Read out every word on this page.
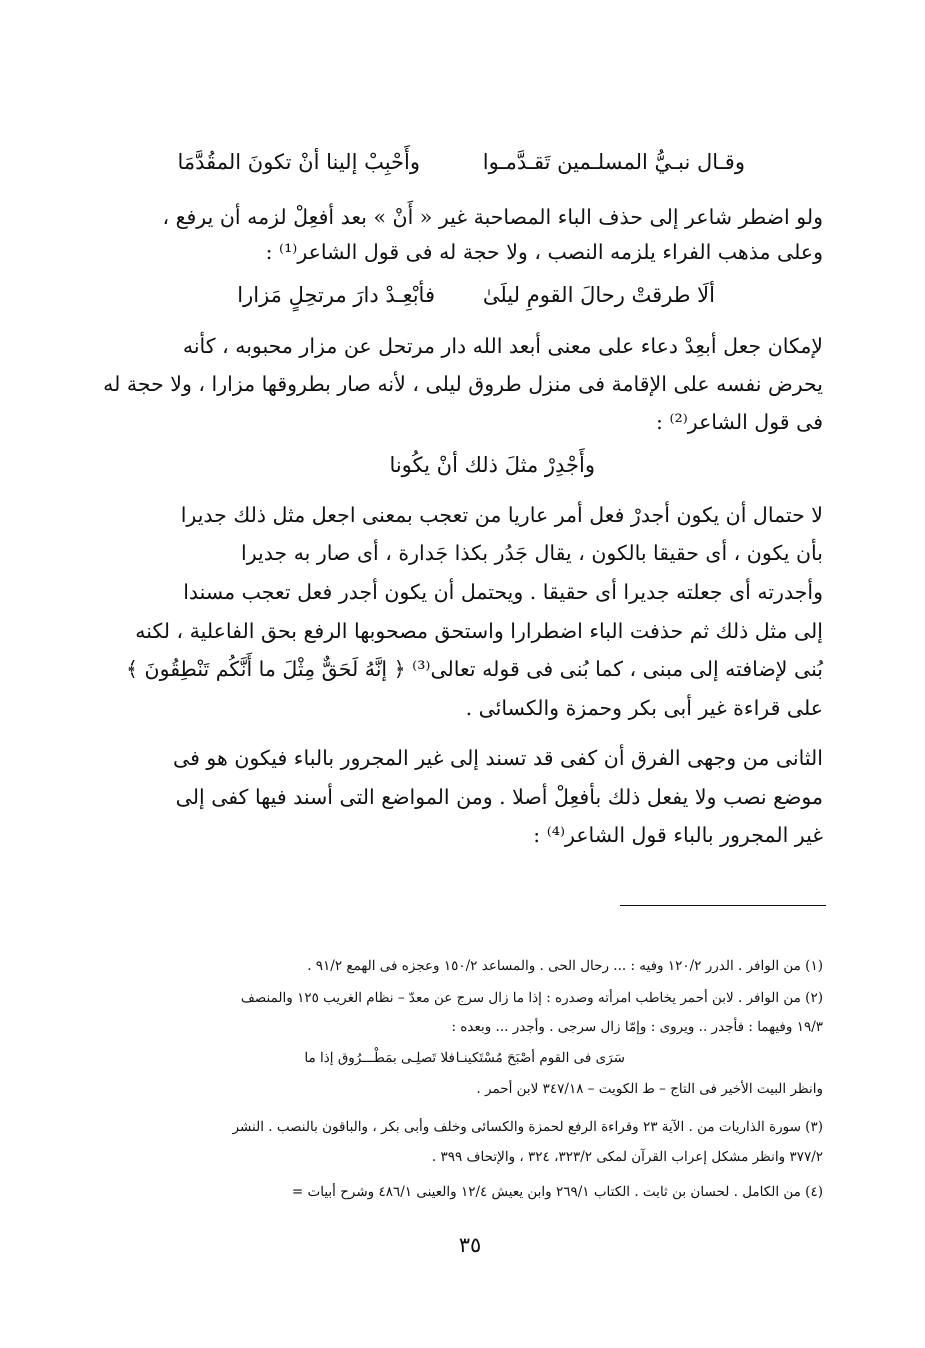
وقـال نبـيُّ المسلـمين تَقـدَّمـوا
وأَحْبِبْ إلينا أنْ تكونَ المقُدَّمَا
ولو اضطر شاعر إلى حذف الباء المصاحبة غير « أَنْ » بعد أفعِلْ لزمه أن يرفع ،
وعلى مذهب الفراء يلزمه النصب ، ولا حجة له فى قول الشاعر⁽¹⁾ :
ألَا طرقتْ رحالَ القومِ ليلَىٰ
فأبْعِـدْ دارَ مرتحِلٍ مَزارا
لإمكان جعل أبعِدْ دعاء على معنى أبعد الله دار مرتحل عن مزار محبوبه ، كأنه
يحرض نفسه على الإقامة فى منزل طروق ليلى ، لأنه صار بطروقها مزارا ، ولا حجة له
فى قول الشاعر⁽²⁾ :
وأَجْدِرْ مثلَ ذلك أنْ يكُونا
لا حتمال أن يكون أجدرْ فعل أمر عاريا من تعجب بمعنى اجعل مثل ذلك جديرا
بأن يكون ، أى حقيقا بالكون ، يقال جَدُر بكذا جَدارة ، أى صار به جديرا
وأجدرته أى جعلته جديرا أى حقيقا . ويحتمل أن يكون أجدر فعل تعجب مسندا
إلى مثل ذلك ثم حذفت الباء اضطرارا واستحق مصحوبها الرفع بحق الفاعلية ، لكنه
بُنى لإضافته إلى مبنى ، كما بُنى فى قوله تعالى⁽³⁾ ﴿ إنَّهُ لَحَقٌّ مِثْلَ ما أَنَّكُم تَنْطِقُونَ ﴾
على قراءة غير أبى بكر وحمزة والكسائى .
الثانى من وجهى الفرق أن كفى قد تسند إلى غير المجرور بالباء فيكون هو فى
موضع نصب ولا يفعل ذلك بأفعِلْ أصلا . ومن المواضع التى أسند فيها كفى إلى
غير المجرور بالباء قول الشاعر⁽⁴⁾ :
(١) من الوافر . الدرر ١٢٠/٢ وفيه : ... رحال الحى . والمساعد ١٥٠/٢ وعجزه فى الهمع ٩١/٢ .
(٢) من الوافر . لابن أحمر يخاطب امرأته وصدره : إذا ما زال سرج عن معدّ – نظام الغريب ١٢٥ والمنصف
١٩/٣ وفيهما : فأجدر .. ويروى : وإمّا زال سرجى . وأجدر ... وبعده :
فلا تَصلِـى بمَطْـــرُوق إذا ما سَرَى فى القوم أصْبَحَ مُسْتَكينـا
وانظر البيت الأخير فى التاج – ط الكويت – ٣٤٧/١٨ لابن أحمر .
(٣) سورة الذاريات من . الآية ٢٣ وقراءة الرفع لحمزة والكسائى وخلف وأبى بكر ، والباقون بالنصب . النشر
٣٧٧/٢ وانظر مشكل إعراب القرآن لمكى ٣٢٣/٢، ٣٢٤ ، والإتحاف ٣٩٩ .
(٤) من الكامل . لحسان بن ثابت . الكتاب ٢٦٩/١ وابن يعيش ١٢/٤ والعينى ٤٨٦/١ وشرح أبيات =
٣٥
